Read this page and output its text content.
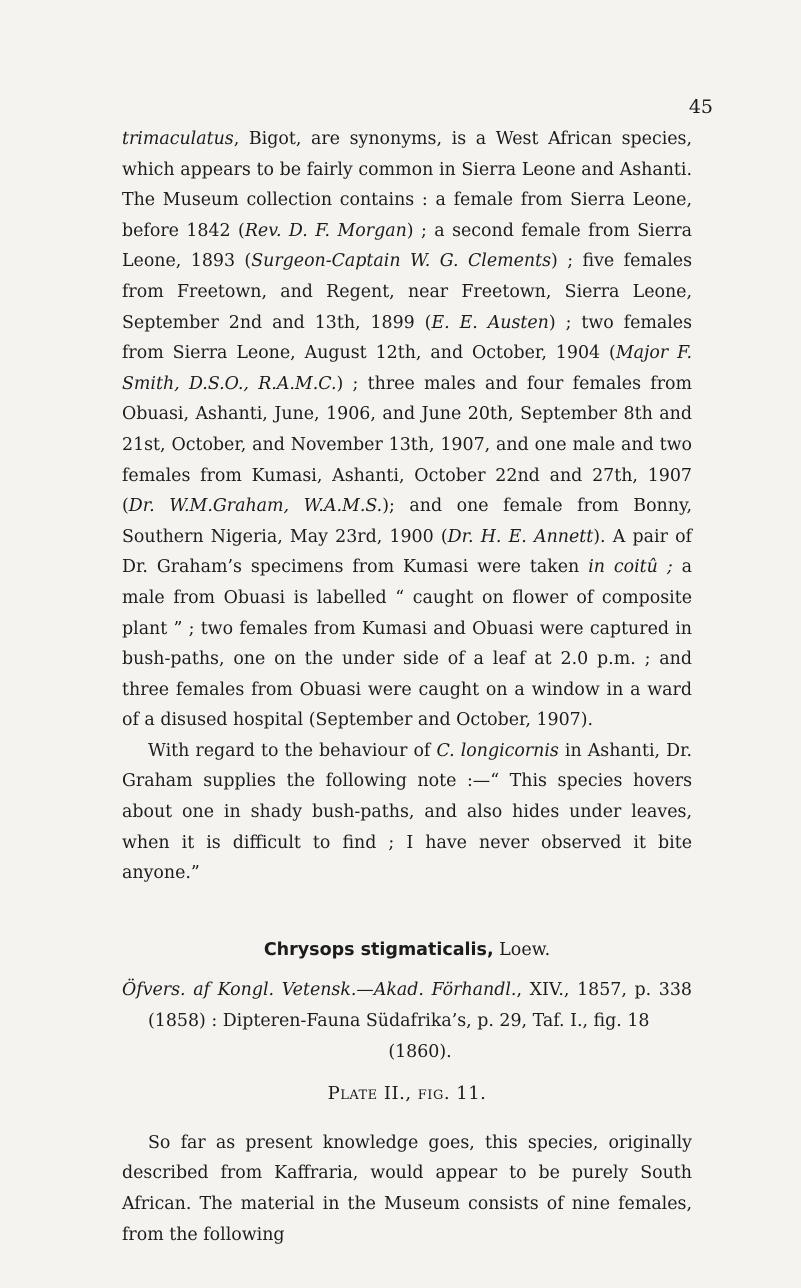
45

trimaculatus, Bigot, are synonyms, is a West African species, which appears to be fairly common in Sierra Leone and Ashanti. The Museum collection contains : a female from Sierra Leone, before 1842 (Rev. D. F. Morgan) ; a second female from Sierra Leone, 1893 (Surgeon-Captain W. G. Clements) ; five females from Freetown, and Regent, near Freetown, Sierra Leone, September 2nd and 13th, 1899 (E. E. Austen) ; two females from Sierra Leone, August 12th, and October, 1904 (Major F. Smith, D.S.O., R.A.M.C.) ; three males and four females from Obuasi, Ashanti, June, 1906, and June 20th, September 8th and 21st, October, and November 13th, 1907, and one male and two females from Kumasi, Ashanti, October 22nd and 27th, 1907 (Dr. W.M.Graham, W.A.M.S.); and one female from Bonny, Southern Nigeria, May 23rd, 1900 (Dr. H. E. Annett). A pair of Dr. Graham’s specimens from Kumasi were taken in coitû ; a male from Obuasi is labelled “ caught on flower of composite plant ” ; two females from Kumasi and Obuasi were captured in bush-paths, one on the under side of a leaf at 2.0 p.m. ; and three females from Obuasi were caught on a window in a ward of a disused hospital (September and October, 1907).

With regard to the behaviour of C. longicornis in Ashanti, Dr. Graham supplies the following note :—“ This species hovers about one in shady bush-paths, and also hides under leaves, when it is difficult to find ; I have never observed it bite anyone.”

Chrysops stigmaticalis, Loew.

Öfvers. af Kongl. Vetensk.—Akad. Förhandl., XIV., 1857, p. 338 (1858) : Dipteren-Fauna Südafrika’s, p. 29, Taf. I., fig. 18
(1860).

Plate II., fig. 11.

So far as present knowledge goes, this species, originally described from Kaffraria, would appear to be purely South African. The material in the Museum consists of nine females, from the following
